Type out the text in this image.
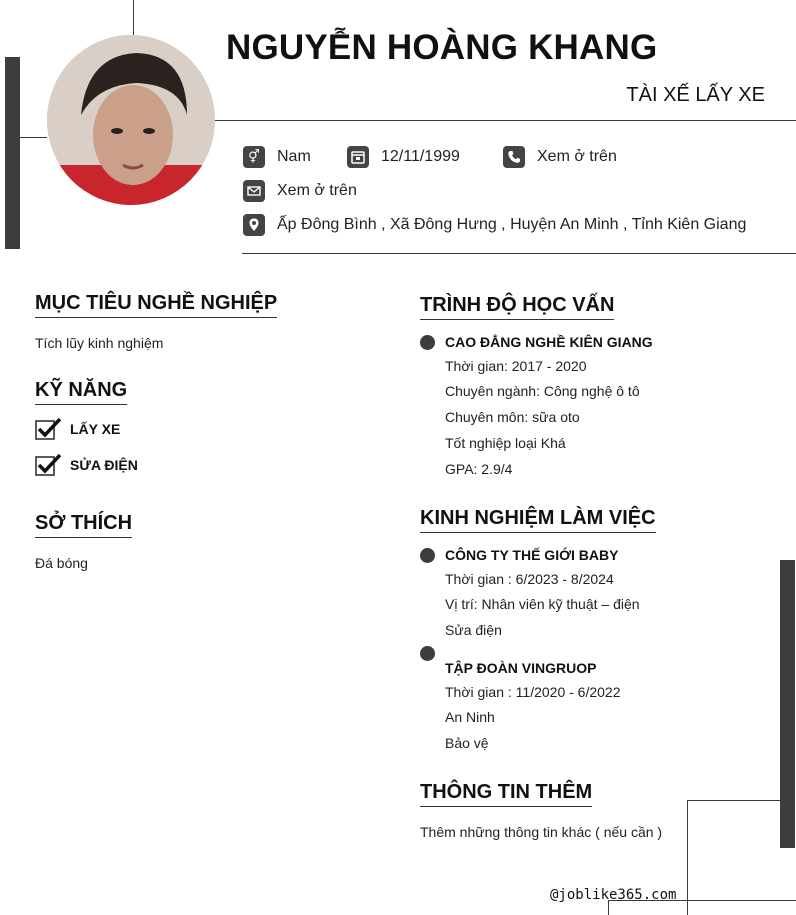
NGUYỄN HOÀNG KHANG
TÀI XẾ LẤY XE
⚥	Nam	12/11/1999	Xem ở trên
Xem ở trên
Ấp Đông Bình , Xã Đông Hưng , Huyện An Minh , Tỉnh Kiên Giang
MỤC TIÊU NGHỀ NGHIỆP
Tích lũy kinh nghiệm
KỸ NĂNG
LẤY XE
SỬA ĐIỆN
SỞ THÍCH
Đá bóng
TRÌNH ĐỘ HỌC VẤN
CAO ĐẲNG NGHỀ KIÊN GIANG
Thời gian: 2017 - 2020
Chuyên ngành: Công nghệ ô tô
Chuyên môn: sữa oto
Tốt nghiệp loại Khá
GPA: 2.9/4
KINH NGHIỆM LÀM VIỆC
CÔNG TY THẾ GIỚI BABY
Thời gian : 6/2023 - 8/2024
Vị trí: Nhân viên kỹ thuật – điện
Sửa điện
TẬP ĐOÀN VINGRUOP
Thời gian : 11/2020 - 6/2022
An Ninh
Bảo vệ
THÔNG TIN THÊM
Thêm những thông tin khác ( nếu cần )
@joblike365.com
